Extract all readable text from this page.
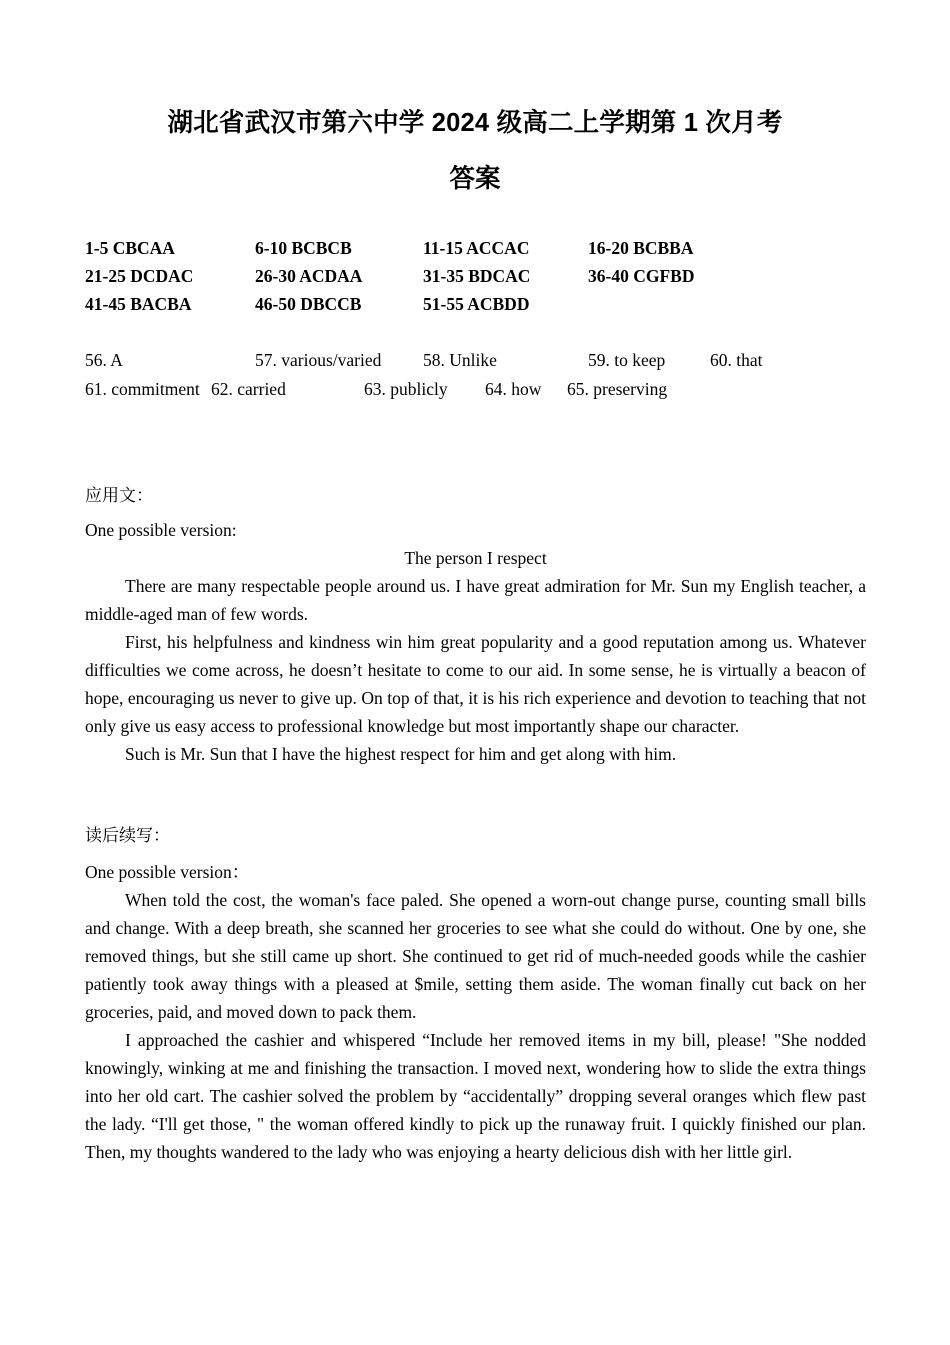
湖北省武汉市第六中学 2024 级高二上学期第 1 次月考
答案
1-5 CBCAA	6-10 BCBCB	11-15 ACCAC	16-20 BCBBA
21-25 DCDAC	26-30 ACDAA	31-35 BDCAC	36-40 CGFBD
41-45 BACBA	46-50 DBCCB	51-55 ACBDD
56. A	57. various/varied 58. Unlike	59. to keep	60. that
61. commitment 62. carried	63. publicly 64. how 65. preserving
应用文：
One possible version:
The person I respect

There are many respectable people around us. I have great admiration for Mr. Sun my English teacher, a middle-aged man of few words.

First, his helpfulness and kindness win him great popularity and a good reputation among us. Whatever difficulties we come across, he doesn’t hesitate to come to our aid. In some sense, he is virtually a beacon of hope, encouraging us never to give up. On top of that, it is his rich experience and devotion to teaching that not only give us easy access to professional knowledge but most importantly shape our character.

Such is Mr. Sun that I have the highest respect for him and get along with him.

读后续写：
One possible version：

When told the cost, the woman's face paled. She opened a worn-out change purse, counting small bills and change. With a deep breath, she scanned her groceries to see what she could do without. One by one, she removed things, but she still came up short. She continued to get rid of much-needed goods while the cashier patiently took away things with a pleased at $mile, setting them aside. The woman finally cut back on her groceries, paid, and moved down to pack them.

I approached the cashier and whispered “Include her removed items in my bill, please! "She nodded knowingly, winking at me and finishing the transaction. I moved next, wondering how to slide the extra things into her old cart. The cashier solved the problem by “accidentally” dropping several oranges which flew past the lady. “I'll get those, " the woman offered kindly to pick up the runaway fruit. I quickly finished our plan. Then, my thoughts wandered to the lady who was enjoying a hearty delicious dish with her little girl.
